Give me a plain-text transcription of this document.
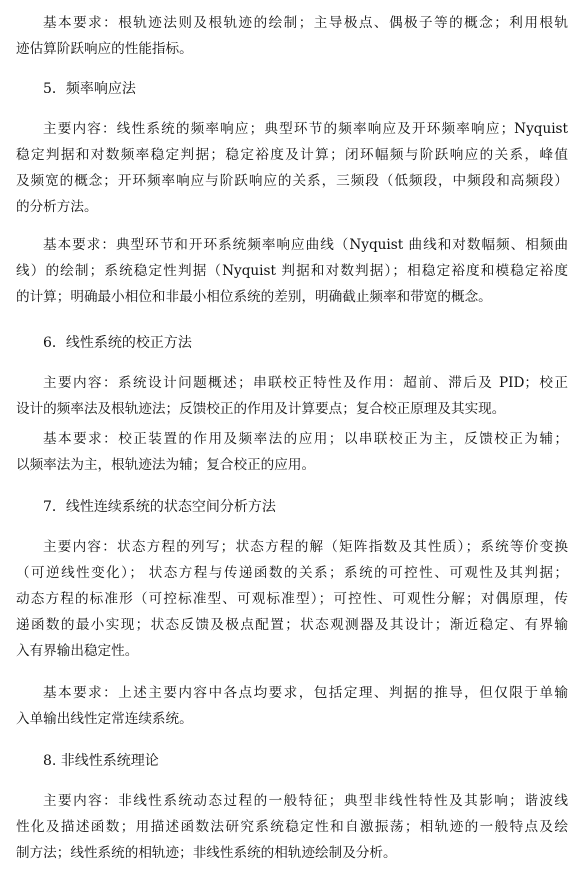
基本要求：根轨迹法则及根轨迹的绘制；主导极点、偶极子等的概念；利用根轨
迹估算阶跃响应的性能指标。
5．频率响应法
主要内容：线性系统的频率响应；典型环节的频率响应及开环频率响应；Nyquist
稳定判据和对数频率稳定判据；稳定裕度及计算；闭环幅频与阶跃响应的关系，峰值
及频宽的概念；开环频率响应与阶跃响应的关系，三频段（低频段，中频段和高频段）
的分析方法。
基本要求：典型环节和开环系统频率响应曲线（Nyquist 曲线和对数幅频、相频曲
线）的绘制；系统稳定性判据（Nyquist 判据和对数判据）；相稳定裕度和模稳定裕度
的计算；明确最小相位和非最小相位系统的差别，明确截止频率和带宽的概念。
6．线性系统的校正方法
主要内容：系统设计问题概述；串联校正特性及作用：超前、滞后及 PID；校正
设计的频率法及根轨迹法；反馈校正的作用及计算要点；复合校正原理及其实现。
基本要求：校正装置的作用及频率法的应用；以串联校正为主，反馈校正为辅；
以频率法为主，根轨迹法为辅；复合校正的应用。
7．线性连续系统的状态空间分析方法
主要内容：状态方程的列写；状态方程的解（矩阵指数及其性质）；系统等价变换
（可逆线性变化）； 状态方程与传递函数的关系；系统的可控性、可观性及其判据；
动态方程的标准形（可控标准型、可观标准型）；可控性、可观性分解；对偶原理，传
递函数的最小实现；状态反馈及极点配置；状态观测器及其设计；渐近稳定、有界输
入有界输出稳定性。
基本要求：上述主要内容中各点均要求，包括定理、判据的推导，但仅限于单输
入单输出线性定常连续系统。
8. 非线性系统理论
主要内容：非线性系统动态过程的一般特征；典型非线性特性及其影响；谐波线
性化及描述函数；用描述函数法研究系统稳定性和自激振荡；相轨迹的一般特点及绘
制方法；线性系统的相轨迹；非线性系统的相轨迹绘制及分析。
